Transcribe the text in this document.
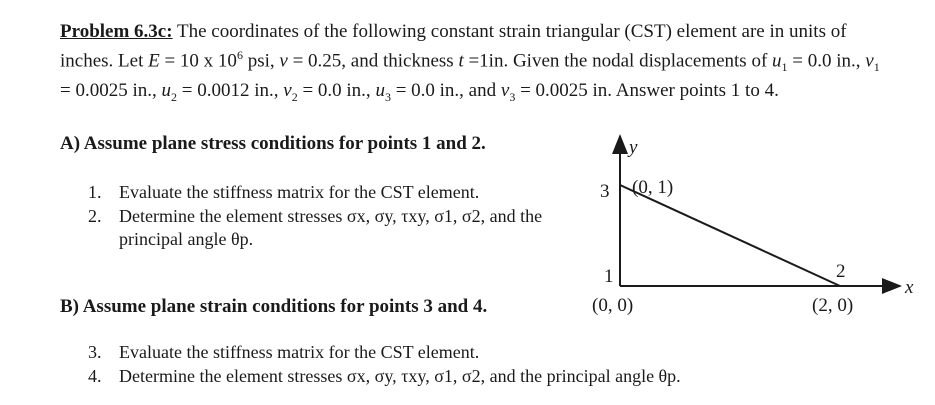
Problem 6.3c: The coordinates of the following constant strain triangular (CST) element are in units of inches. Let E = 10 x $10^6$ psi, v = 0.25, and thickness t =1in. Given the nodal displacements of $u_1 = 0.0$ in., $v_1 = 0.0025$ in., $u_2 = 0.0012$ in., $v_2 = 0.0$ in., $u_3 = 0.0$ in., and $v_3 = 0.0025$ in. Answer points 1 to 4.
A) Assume plane stress conditions for points 1 and 2.
1. Evaluate the stiffness matrix for the CST element.
2. Determine the element stresses σx, σy, τxy, σ1, σ2, and the principal angle θp.
B) Assume plane strain conditions for points 3 and 4.
3. Evaluate the stiffness matrix for the CST element.
4. Determine the element stresses σx, σy, τxy, σ1, σ2, and the principal angle θp.
y
x
3 (0, 1)
1
(0, 0)
2
(2, 0)
